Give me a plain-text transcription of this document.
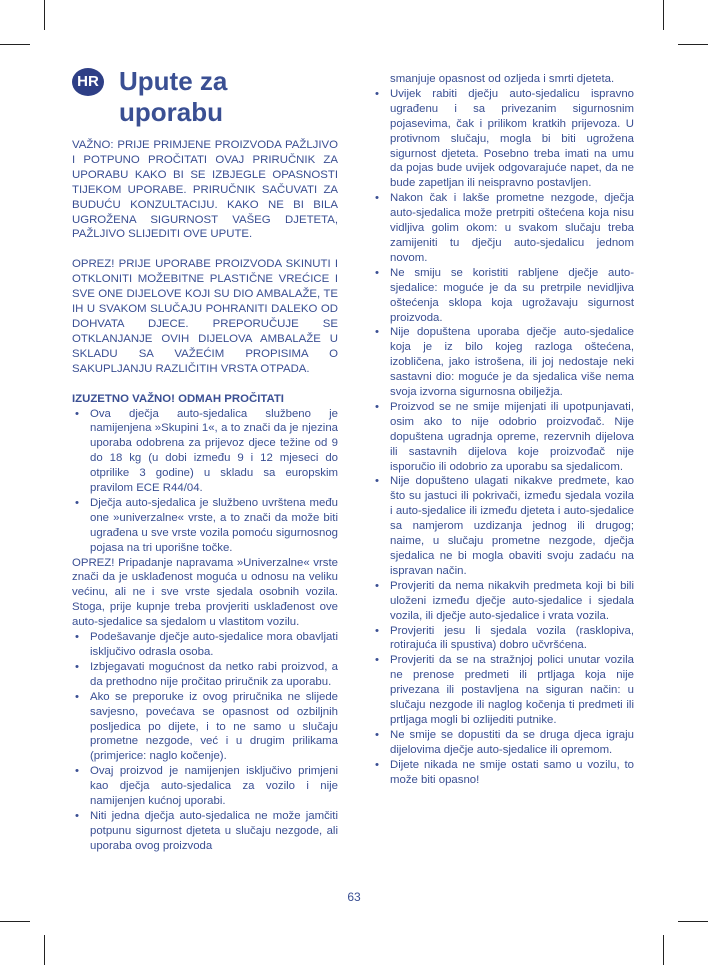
HR Upute za uporabu

VAŽNO: PRIJE PRIMJENE PROIZVODA PAŽLJIVO I POTPUNO PROČITATI OVAJ PRIRUČNIK ZA UPORABU KAKO BI SE IZBJEGLE OPASNOSTI TIJEKOM UPORABE. PRIRUČNIK SAČUVATI ZA BUDUĆU KONZULTACIJU. KAKO NE BI BILA UGROŽENA SIGURNOST VAŠEG DJETETA, PAŽLJIVO SLIJEDITI OVE UPUTE.

OPREZ! PRIJE UPORABE PROIZVODA SKINUTI I OTKLONITI MOŽEBITNE PLASTIČNE VREĆICE I SVE ONE DIJELOVE KOJI SU DIO AMBALAŽE, TE IH U SVAKOM SLUČAJU POHRANITI DALEKO OD DOHVATA DJECE. PREPORUČUJE SE OTKLANJANJE OVIH DIJELOVA AMBALAŽE U SKLADU SA VAŽEĆIM PROPISIMA O SAKUPLJANJU RAZLIČITIH VRSTA OTPADA.

IZUZETNO VAŽNO! ODMAH PROČITATI

• Ova dječja auto-sjedalica službeno je namijenjena »Skupini 1«, a to znači da je njezina uporaba odobrena za prijevoz djece težine od 9 do 18 kg (u dobi između 9 i 12 mjeseci do otprilike 3 godine) u skladu sa europskim pravilom ECE R44/04.
• Dječja auto-sjedalica je službeno uvrštena među one »univerzalne« vrste, a to znači da može biti ugrađena u sve vrste vozila pomoću sigurnosnog pojasa na tri uporišne točke.

OPREZ! Pripadanje napravama »Univerzalne« vrste znači da je usklađenost moguća u odnosu na veliku većinu, ali ne i sve vrste sjedala osobnih vozila. Stoga, prije kupnje treba provjeriti usklađenost ove auto-sjedalice sa sjedalom u vlastitom vozilu.

• Podešavanje dječje auto-sjedalice mora obavljati isključivo odrasla osoba.
• Izbjegavati mogućnost da netko rabi proizvod, a da prethodno nije pročitao priručnik za uporabu.
• Ako se preporuke iz ovog priručnika ne slijede savjesno, povećava se opasnost od ozbiljnih posljedica po dijete, i to ne samo u slučaju prometne nezgode, već i u drugim prilikama (primjerice: naglo kočenje).
• Ovaj proizvod je namijenjen isključivo primjeni kao dječja auto-sjedalica za vozilo i nije namijenjen kućnoj uporabi.
• Niti jedna dječja auto-sjedalica ne može jamčiti potpunu sigurnost djeteta u slučaju nezgode, ali uporaba ovog proizvoda

smanjuje opasnost od ozljeda i smrti djeteta.

• Uvijek rabiti dječju auto-sjedalicu ispravno ugrađenu i sa privezanim sigurnosnim pojasevima, čak i prilikom kratkih prijevoza. U protivnom slučaju, mogla bi biti ugrožena sigurnost djeteta. Posebno treba imati na umu da pojas bude uvijek odgovarajuće napet, da ne bude zapetljan ili neispravno postavljen.
• Nakon čak i lakše prometne nezgode, dječja auto-sjedalica može pretrpiti oštećena koja nisu vidljiva golim okom: u svakom slučaju treba zamijeniti tu dječju auto-sjedalicu jednom novom.
• Ne smiju se koristiti rabljene dječje auto-sjedalice: moguće je da su pretrpile nevidljiva oštećenja sklopa koja ugrožavaju sigurnost proizvoda.
• Nije dopuštena uporaba dječje auto-sjedalice koja je iz bilo kojeg razloga oštećena, izobličena, jako istrošena, ili joj nedostaje neki sastavni dio: moguće je da sjedalica više nema svoja izvorna sigurnosna obilježja.
• Proizvod se ne smije mijenjati ili upotpunjavati, osim ako to nije odobrio proizvođač. Nije dopuštena ugradnja opreme, rezervnih dijelova ili sastavnih dijelova koje proizvođač nije isporučio ili odobrio za uporabu sa sjedalicom.
• Nije dopušteno ulagati nikakve predmete, kao što su jastuci ili pokrivači, između sjedala vozila i auto-sjedalice ili između djeteta i auto-sjedalice sa namjerom uzdizanja jednog ili drugog; naime, u slučaju prometne nezgode, dječja sjedalica ne bi mogla obaviti svoju zadaću na ispravan način.
• Provjeriti da nema nikakvih predmeta koji bi bili uloženi između dječje auto-sjedalice i sjedala vozila, ili dječje auto-sjedalice i vrata vozila.
• Provjeriti jesu li sjedala vozila (rasklopiva, rotirajuća ili spustiva) dobro učvršćena.
• Provjeriti da se na stražnjoj polici unutar vozila ne prenose predmeti ili prtljaga koja nije privezana ili postavljena na siguran način: u slučaju nezgode ili naglog kočenja ti predmeti ili prtljaga mogli bi ozlijediti putnike.
• Ne smije se dopustiti da se druga djeca igraju dijelovima dječje auto-sjedalice ili opremom.
• Dijete nikada ne smije ostati samo u vozilu, to može biti opasno!
63
